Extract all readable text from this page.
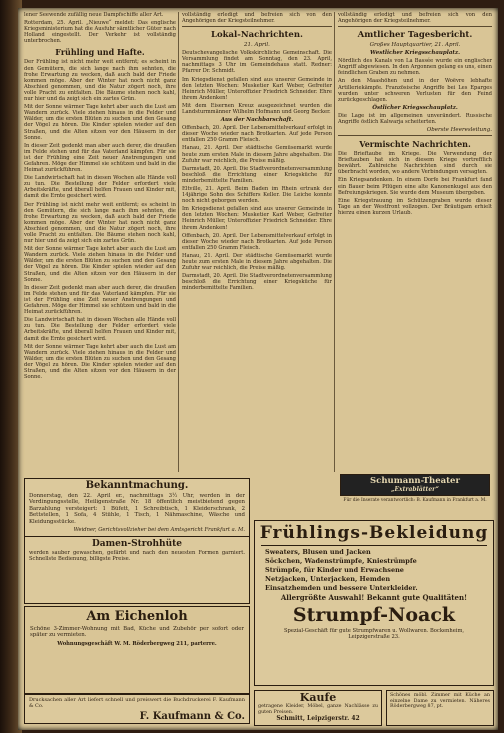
lener Seewende zufällig neue Dampfschiffe aller Art.

Rotterdam, 25. April. „Nieuwe“ meldet: Das englische Kriegsministerium hat die Ausfuhr sämtlicher Güter nach Holland eingestellt. Der Verkehr ist vollständig unterbrochen.

Frühling und Hafte.

Der Frühling ist nicht mehr weit entfernt; es scheint in den Gemütern, die sich lange nach ihm sehnten, die frohe Erwartung zu wecken, daß auch bald der Friede kommen möge. Aber der Winter hat noch nicht ganz Abschied genommen, und die Natur zögert noch, ihre volle Pracht zu entfalten. Die Bäume stehen noch kahl, nur hier und da zeigt sich ein zartes Grün.

Mit der Sonne wärmer Tage kehrt aber auch die Lust am Wandern zurück. Viele ziehen hinaus in die Felder und Wälder, um die ersten Blüten zu suchen und den Gesang der Vögel zu hören. Die Kinder spielen wieder auf den Straßen, und die Alten sitzen vor den Häusern in der Sonne.

In dieser Zeit gedenkt man aber auch derer, die draußen im Felde stehen und für das Vaterland kämpfen. Für sie ist der Frühling eine Zeit neuer Anstrengungen und Gefahren. Möge der Himmel sie schützen und bald in die Heimat zurückführen.

Die Landwirtschaft hat in diesen Wochen alle Hände voll zu tun. Die Bestellung der Felder erfordert viele Arbeitskräfte, und überall helfen Frauen und Kinder mit, damit die Ernte gesichert wird.

Der Frühling ist nicht mehr weit entfernt; es scheint in den Gemütern, die sich lange nach ihm sehnten, die frohe Erwartung zu wecken, daß auch bald der Friede kommen möge. Aber der Winter hat noch nicht ganz Abschied genommen, und die Natur zögert noch, ihre volle Pracht zu entfalten. Die Bäume stehen noch kahl, nur hier und da zeigt sich ein zartes Grün.

Mit der Sonne wärmer Tage kehrt aber auch die Lust am Wandern zurück. Viele ziehen hinaus in die Felder und Wälder, um die ersten Blüten zu suchen und den Gesang der Vögel zu hören. Die Kinder spielen wieder auf den Straßen, und die Alten sitzen vor den Häusern in der Sonne.

In dieser Zeit gedenkt man aber auch derer, die draußen im Felde stehen und für das Vaterland kämpfen. Für sie ist der Frühling eine Zeit neuer Anstrengungen und Gefahren. Möge der Himmel sie schützen und bald in die Heimat zurückführen.

Die Landwirtschaft hat in diesen Wochen alle Hände voll zu tun. Die Bestellung der Felder erfordert viele Arbeitskräfte, und überall helfen Frauen und Kinder mit, damit die Ernte gesichert wird.

Mit der Sonne wärmer Tage kehrt aber auch die Lust am Wandern zurück. Viele ziehen hinaus in die Felder und Wälder, um die ersten Blüten zu suchen und den Gesang der Vögel zu hören. Die Kinder spielen wieder auf den Straßen, und die Alten sitzen vor den Häusern in der Sonne.

vollständig erledigt und befreien sich von den Angehörigen der Kriegsteilnehmer.

Lokal-Nachrichten.
21. April.

Deutschevangelische Volkskirchliche Gemeinschaft. Die Versammlung findet am Sonntag, den 23. April, nachmittags 3 Uhr im Gemeindehaus statt. Redner: Pfarrer Dr. Schmidt.

Im Kriegsdienst gefallen sind aus unserer Gemeinde in den letzten Wochen: Musketier Karl Weber, Gefreiter Heinrich Müller, Unteroffizier Friedrich Schneider. Ehre ihrem Andenken!

Mit dem Eisernen Kreuz ausgezeichnet wurden die Landsturmmänner Wilhelm Hofmann und Georg Becker.

Aus der Nachbarschaft.

Offenbach, 20. April. Der Lebensmittelverkauf erfolgt in dieser Woche wieder nach Brotkarten. Auf jede Person entfallen 250 Gramm Fleisch.

Hanau, 21. April. Der städtische Gemüsemarkt wurde heute zum ersten Male in diesem Jahre abgehalten. Die Zufuhr war reichlich, die Preise mäßig.

Darmstadt, 20. April. Die Stadtverordnetenversammlung beschloß die Errichtung einer Kriegsküche für minderbemittelte Familien.

Eltville, 21. April. Beim Baden im Rhein ertrank der 14jährige Sohn des Schiffers Keller. Die Leiche konnte noch nicht geborgen werden.

Im Kriegsdienst gefallen sind aus unserer Gemeinde in den letzten Wochen: Musketier Karl Weber, Gefreiter Heinrich Müller, Unteroffizier Friedrich Schneider. Ehre ihrem Andenken!

Offenbach, 20. April. Der Lebensmittelverkauf erfolgt in dieser Woche wieder nach Brotkarten. Auf jede Person entfallen 250 Gramm Fleisch.

Hanau, 21. April. Der städtische Gemüsemarkt wurde heute zum ersten Male in diesem Jahre abgehalten. Die Zufuhr war reichlich, die Preise mäßig.

Darmstadt, 20. April. Die Stadtverordnetenversammlung beschloß die Errichtung einer Kriegsküche für minderbemittelte Familien.

vollständig erledigt und befreien sich von den Angehörigen der Kriegsteilnehmer.

Amtlicher Tagesbericht.
Großes Hauptquartier, 21. April.
Westlicher Kriegsschauplatz.

Nördlich des Kanals von La Bassée wurde ein englischer Angriff abgewiesen. In den Argonnen gelang es uns, einen feindlichen Graben zu nehmen.

An den Maashöhen und in der Woëvre lebhafte Artilleriekämpfe. Französische Angriffe bei Les Eparges wurden unter schweren Verlusten für den Feind zurückgeschlagen.

Östlicher Kriegsschauplatz.

Die Lage ist im allgemeinen unverändert. Russische Angriffe östlich Kalwarja scheiterten.

Oberste Heeresleitung.
Vermischte Nachrichten.

Die Brieftaube im Kriege. Die Verwendung der Brieftauben hat sich in diesem Kriege vortrefflich bewährt. Zahlreiche Nachrichten sind durch sie überbracht worden, wo andere Verbindungen versagten.

Ein Kriegsandenken. In einem Dorfe bei Frankfurt fand ein Bauer beim Pflügen eine alte Kanonenkugel aus den Befreiungskriegen. Sie wurde dem Museum übergeben.

Eine Kriegstrauung im Schützengraben wurde dieser Tage an der Westfront vollzogen. Der Bräutigam erhielt hierzu einen kurzen Urlaub.

Schumann-Theater
„Extrablätter“

Für die Inserate verantwortlich: B. Kaufmann in Frankfurt a. M.

Bekanntmachung.

Donnerstag, den 22. April er., nachmittags 3½ Uhr, werden in der Verdingungsstelle, Heiligenstraße Nr. 18 öffentlich meistbietend gegen Barzahlung versteigert: 1 Büfett, 1 Schreibtisch, 1 Kleiderschrank, 2 Bettstellen, 1 Sofa, 4 Stühle, 1 Tisch, 1 Nähmaschine, Wäsche und Kleidungsstücke.

Weidner, Gerichtsvollzieher bei dem Amtsgericht Frankfurt a. M.

Damen-Strohhüte

werden sauber gewaschen, gefärbt und nach den neuesten Formen garniert. Schnellste Bedienung, billigste Preise.

Am Eichenloh

Schöne 3-Zimmer-Wohnung mit Bad, Küche und Zubehör per sofort oder später zu vermieten.

Wohnungsgeschäft W. M. Röderbergweg 211, parterre.

Drucksachen aller Art liefert schnell und preiswert die Buchdruckerei F. Kaufmann & Co.

F. Kaufmann & Co.
Frühlings-Bekleidung

Sweaters, Blusen und Jacken

Söckchen, Wadenstrümpfe, Kniestrümpfe

Strümpfe, für Kinder und Erwachsene

Netzjacken, Unterjacken, Hemden

Einsatzhemden und bessere Unterkleider.

Allergrößte Auswahl! Bekannt gute Qualitäten!

Strumpf-Noack

Spezial-Geschäft für gute Strumpfwaren u. Wollwaren. Bockenheim, Leipzigerstraße 23.

Kaufe

getragene Kleider, Möbel, ganze Nachlässe zu guten Preisen.

Schmitt, Leipzigerstr. 42

Schönes möbl. Zimmer mit Küche an einzelne Dame zu vermieten. Näheres Röderbergweg 87, pt.
